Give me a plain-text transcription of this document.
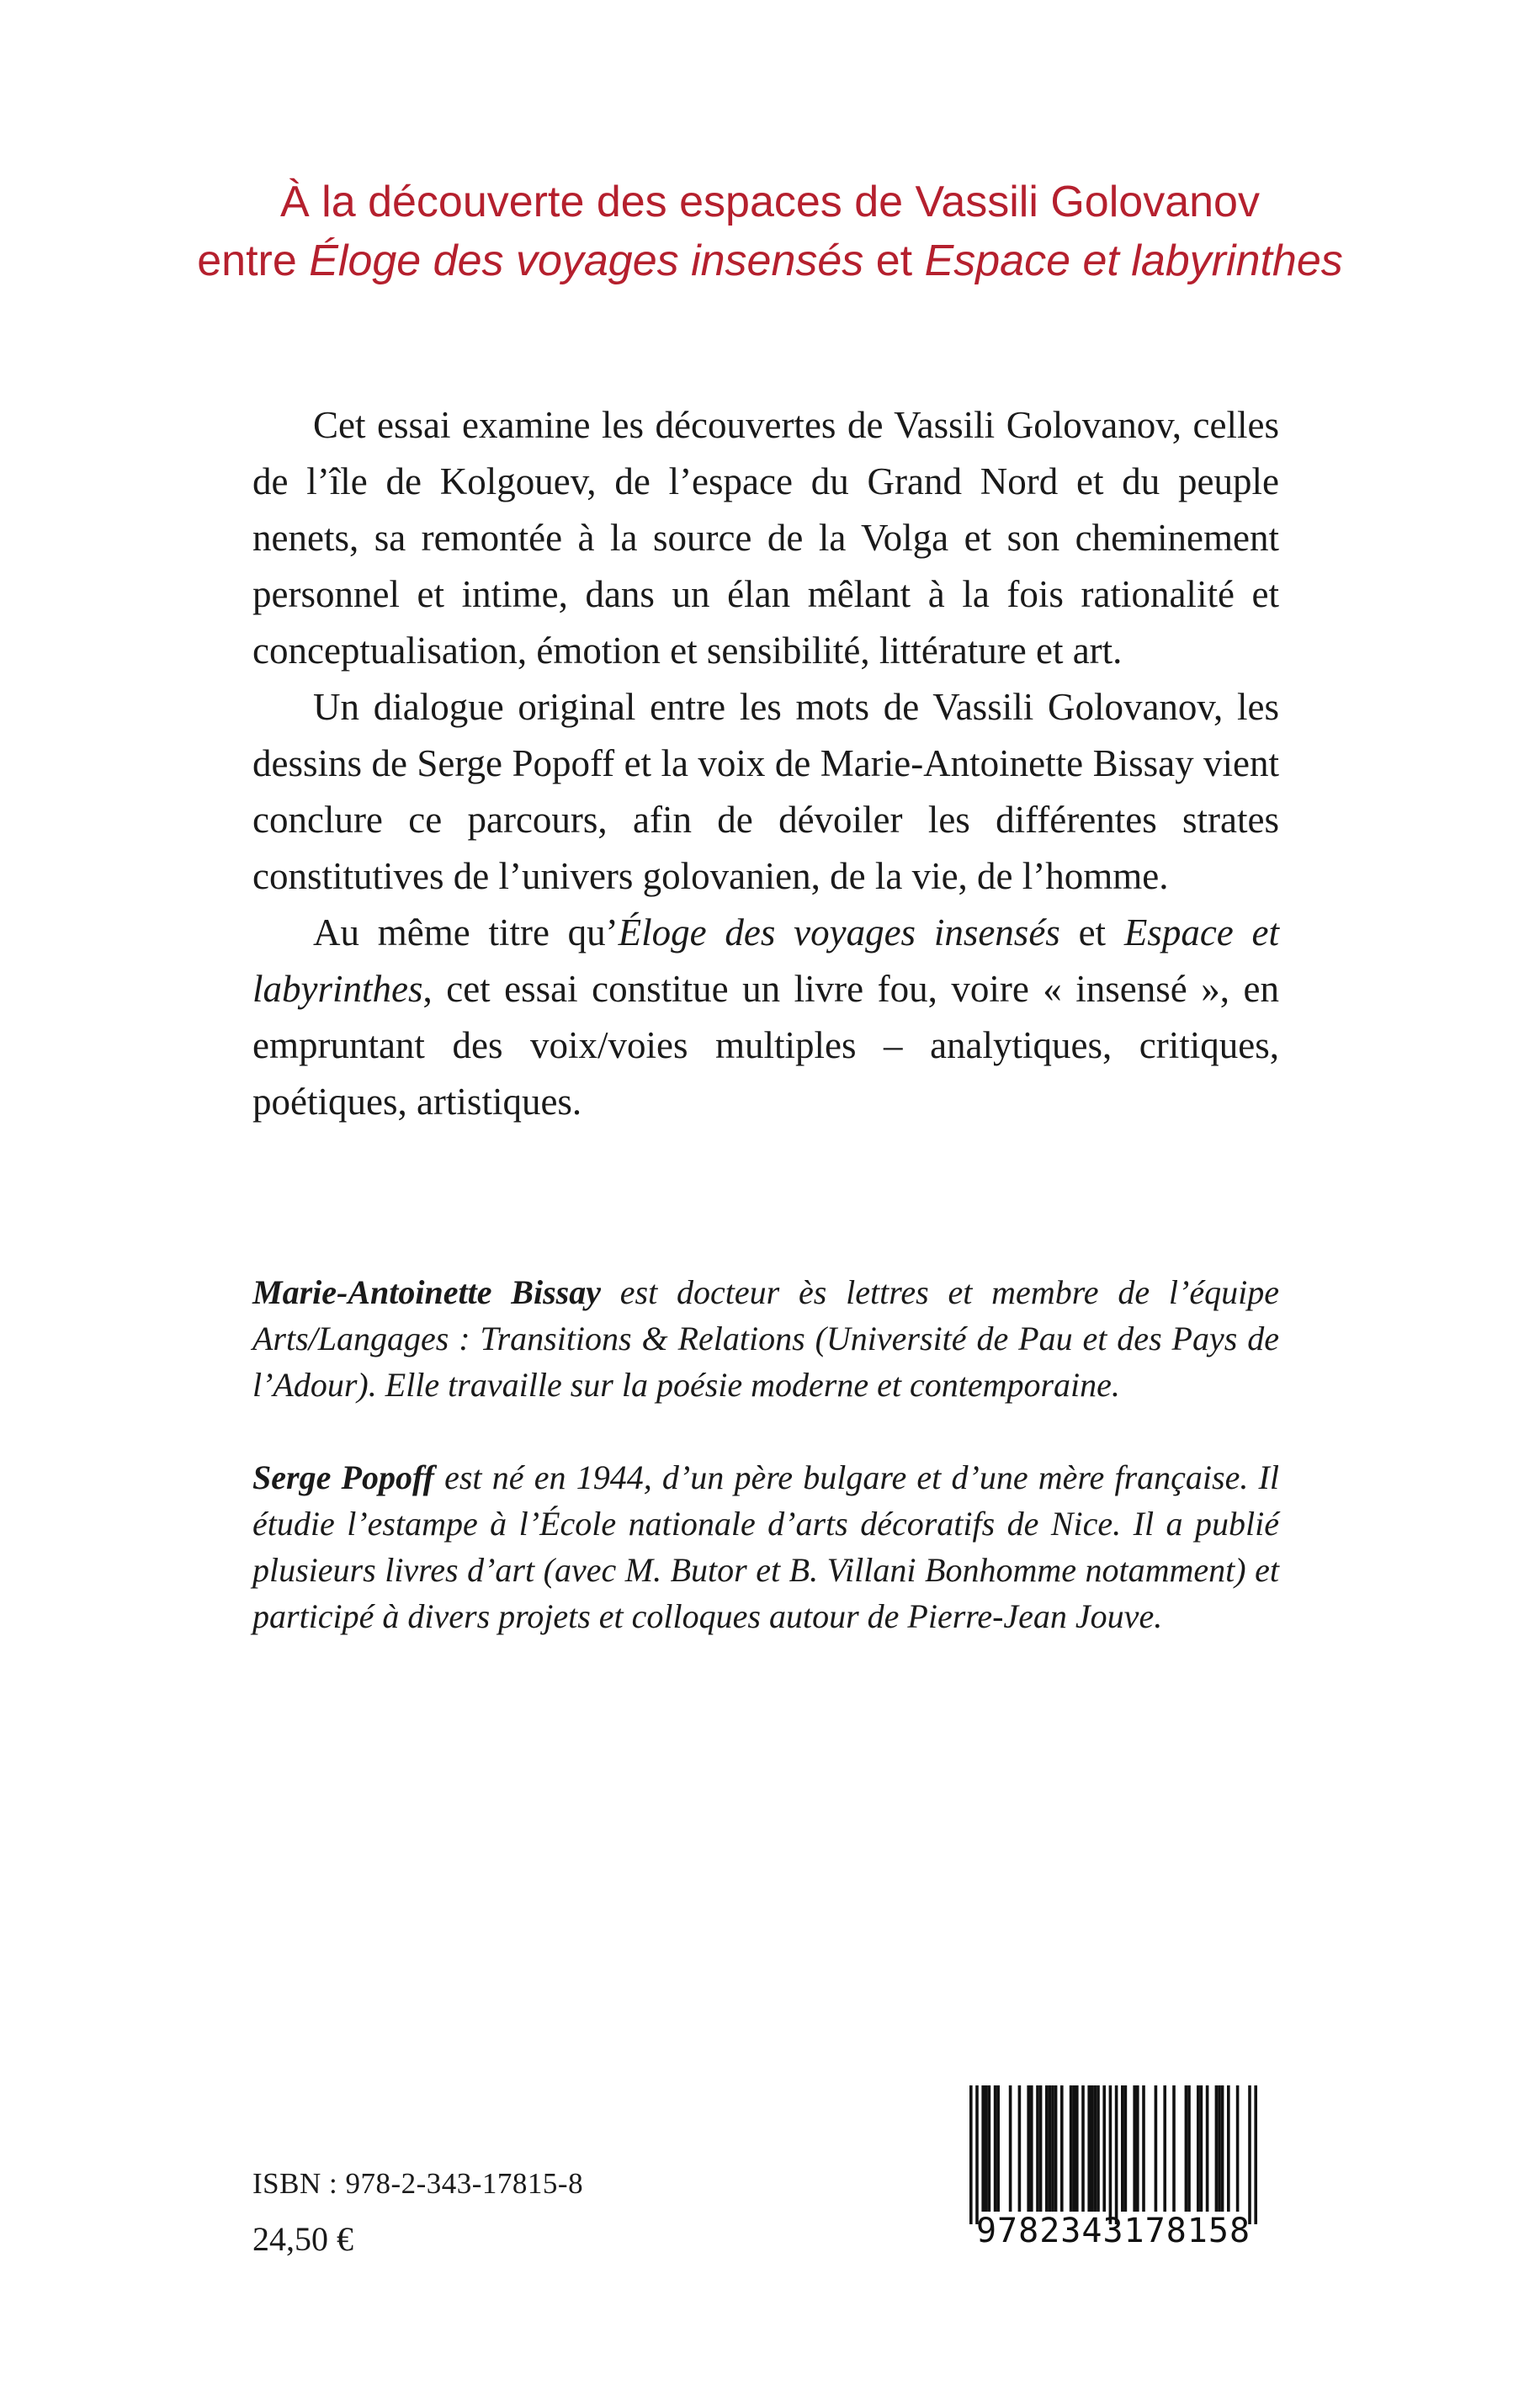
À la découverte des espaces de Vassili Golovanov
entre Éloge des voyages insensés et Espace et labyrinthes

Cet essai examine les découvertes de Vassili Golovanov, celles de l’île de Kolgouev, de l’espace du Grand Nord et du peuple nenets, sa remontée à la source de la Volga et son cheminement personnel et intime, dans un élan mêlant à la fois rationalité et conceptualisation, émotion et sensibilité, littérature et art.

Un dialogue original entre les mots de Vassili Golovanov, les dessins de Serge Popoff et la voix de Marie-Antoinette Bissay vient conclure ce parcours, afin de dévoiler les différentes strates constitutives de l’univers golovanien, de la vie, de l’homme.

Au même titre qu’Éloge des voyages insensés et Espace et labyrinthes, cet essai constitue un livre fou, voire « insensé », en empruntant des voix/voies multiples – analytiques, critiques, poétiques, artistiques.

Marie-Antoinette Bissay est docteur ès lettres et membre de l’équipe Arts/Langages : Transitions & Relations (Université de Pau et des Pays de l’Adour). Elle travaille sur la poésie moderne et contemporaine.

Serge Popoff est né en 1944, d’un père bulgare et d’une mère française. Il étudie l’estampe à l’École nationale d’arts décoratifs de Nice. Il a publié plusieurs livres d’art (avec M. Butor et B. Villani Bonhomme notamment) et participé à divers projets et colloques autour de Pierre-Jean Jouve.

ISBN : 978-2-343-17815-8
24,50 €	9782343178158
